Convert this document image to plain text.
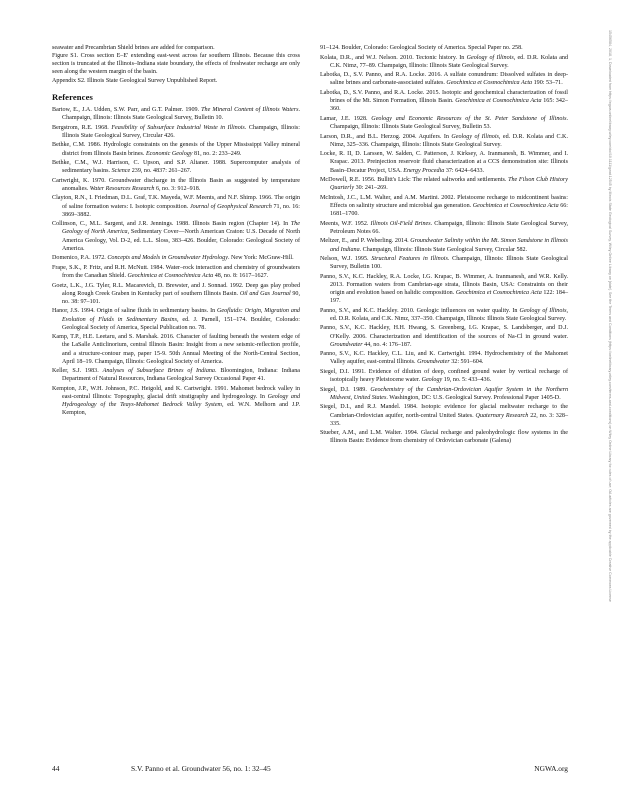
seawater and Precambrian Shield brines are added for comparison.

Figure S1. Cross section E–E′ extending east-west across far southern Illinois. Because this cross section is truncated at the Illinois–Indiana state boundary, the effects of freshwater recharge are only seen along the western margin of the basin.

Appendix S2. Illinois State Geological Survey Unpublished Report.

References

Bartow, E., J.A. Udden, S.W. Parr, and G.T. Palmer. 1909. The Mineral Content of Illinois Waters. Champaign, Illinois: Illinois State Geological Survey, Bulletin 10.

Bergstrom, R.E. 1968. Feasibility of Subsurface Industrial Waste in Illinois. Champaign, Illinois: Illinois State Geological Survey, Circular 426.

Bethke, C.M. 1986. Hydrologic constraints on the genesis of the Upper Mississippi Valley mineral district from Illinois Basin brines. Economic Geology 81, no. 2: 233–249.

Bethke, C.M., W.J. Harrison, C. Upson, and S.P. Altaner. 1988. Supercomputer analysis of sedimentary basins. Science 239, no. 4837: 261–267.

Cartwright, K. 1970. Groundwater discharge in the Illinois Basin as suggested by temperature anomalies. Water Resources Research 6, no. 3: 912–918.

Clayton, R.N., I. Friedman, D.L. Graf, T.K. Mayeda, W.F. Meents, and N.F. Shimp. 1966. The origin of saline formation waters: I. Isotopic composition. Journal of Geophysical Research 71, no. 16: 3869–3882.

Collinson, C., M.L. Sargent, and J.R. Jennings. 1988. Illinois Basin region (Chapter 14). In The Geology of North America, Sedimentary Cover—North American Craton: U.S. Decade of North America Geology, Vol. D-2, ed. L.L. Sloss, 383–426. Boulder, Colorado: Geological Society of America.

Domenico, P.A. 1972. Concepts and Models in Groundwater Hydrology. New York: McGraw-Hill.

Frape, S.K., P. Fritz, and R.H. McNutt. 1984. Water–rock interaction and chemistry of groundwaters from the Canadian Shield. Geochimica et Cosmochimica Acta 48, no. 8: 1617–1627.

Goetz, L.K., J.G. Tyler, R.L. Macarevich, D. Brewster, and J. Sonnad. 1992. Deep gas play probed along Rough Creek Graben in Kentucky part of southern Illinois Basin. Oil and Gas Journal 90, no. 38: 97–101.

Hanor, J.S. 1994. Origin of saline fluids in sedimentary basins. In Geofluids: Origin, Migration and Evolution of Fluids in Sedimentary Basins, ed. J. Parnell, 151–174. Boulder, Colorado: Geological Society of America, Special Publication no. 78.

Kamp, T.P., H.E. Leetaru, and S. Marshak. 2016. Character of faulting beneath the western edge of the LaSalle Anticlinorium, central Illinois Basin: Insight from a new seismic-reflection profile, and a structure-contour map, paper 15-9. 50th Annual Meeting of the North-Central Section, April 18–19. Champaign, Illinois: Geological Society of America.

Keller, S.J. 1983. Analyses of Subsurface Brines of Indiana. Bloomington, Indiana: Indiana Department of Natural Resources, Indiana Geological Survey Occasional Paper 41.

Kempton, J.P., W.H. Johnson, P.C. Heigold, and K. Cartwright. 1991. Mahomet bedrock valley in east-central Illinois: Topography, glacial drift stratigraphy and hydrogeology. In Geology and Hydrogeology of the Teays-Mahomet Bedrock Valley System, ed. W.N. Melhorn and J.P. Kempton,

91–124. Boulder, Colorado: Geological Society of America. Special Paper no. 258.

Kolata, D.R., and W.J. Nelson. 2010. Tectonic history. In Geology of Illinois, ed. D.R. Kolata and C.K. Nimz, 77–89. Champaign, Illinois: Illinois State Geological Survey.

Labotka, D., S.V. Panno, and R.A. Locke. 2016. A sulfate conundrum: Dissolved sulfates in deep-saline brines and carbonate-associated sulfates. Geochimica et Cosmochimica Acta 190: 53–71.

Labotka, D., S.V. Panno, and R.A. Locke. 2015. Isotopic and geochemical characterization of fossil brines of the Mt. Simon Formation, Illinois Basin. Geochimica et Cosmochimica Acta 165: 342–360.

Lamar, J.E. 1928. Geology and Economic Resources of the St. Peter Sandstone of Illinois. Champaign, Illinois: Illinois State Geological Survey, Bulletin 53.

Larson, D.R., and B.L. Herzog. 2004. Aquifers. In Geology of Illinois, ed. D.R. Kolata and C.K. Nimz, 325–336. Champaign, Illinois: Illinois State Geological Survey.

Locke, R. II, D. Larssen, W. Salden, C. Patterson, J. Kirksey, A. Iranmanesh, B. Wimmer, and I. Krapac. 2013. Preinjection reservoir fluid characterization at a CCS demonstration site: Illinois Basin–Decatur Project, USA. Energy Procedia 37: 6424–6433.

McDowell, R.E. 1956. Bullitt's Lick: The related saltworks and settlements. The Filson Club History Quarterly 30: 241–269.

McIntosh, J.C., L.M. Walter, and A.M. Martini. 2002. Pleistocene recharge to midcontinent basins: Effects on salinity structure and microbial gas generation. Geochimica et Cosmochimica Acta 66: 1681–1700.

Meents, W.F. 1952. Illinois Oil-Field Brines. Champaign, Illinois: Illinois State Geological Survey, Petroleum Notes 66.

Meltzer, E., and P. Weberling. 2014. Groundwater Salinity within the Mt. Simon Sandstone in Illinois and Indiana. Champaign, Illinois: Illinois State Geological Survey, Circular 582.

Nelson, W.J. 1995. Structural Features in Illinois. Champaign, Illinois: Illinois State Geological Survey, Bulletin 100.

Panno, S.V., K.C. Hackley, R.A. Locke, I.G. Krapac, B. Wimmer, A. Iranmanesh, and W.R. Kelly. 2013. Formation waters from Cambrian-age strata, Illinois Basin, USA: Constraints on their origin and evolution based on halidic composition. Geochimica et Cosmochimica Acta 122: 184–197.

Panno, S.V., and K.C. Hackley. 2010. Geologic influences on water quality. In Geology of Illinois, ed. D.R. Kolata, and C.K. Nimz, 337–350. Champaign, Illinois: Illinois State Geological Survey.

Panno, S.V., K.C. Hackley, H.H. Hwang, S. Greenberg, I.G. Krapac, S. Landsberger, and D.J. O'Kelly. 2006. Characterization and identification of the sources of Na-Cl in ground water. Groundwater 44, no. 4: 176–187.

Panno, S.V., K.C. Hackley, C.L. Liu, and K. Cartwright. 1994. Hydrochemistry of the Mahomet Valley aquifer, east-central Illinois. Groundwater 32: 591–604.

Siegel, D.I. 1991. Evidence of dilution of deep, confined ground water by vertical recharge of isotopically heavy Pleistocene water. Geology 19, no. 5: 433–436.

Siegel, D.I. 1989. Geochemistry of the Cambrian-Ordovician Aquifer System in the Northern Midwest, United States. Washington, DC: U.S. Geological Survey. Professional Paper 1405-D.

Siegel, D.I., and R.J. Mandel. 1984. Isotopic evidence for glacial meltwater recharge to the Cambrian-Ordovician aquifer, north-central United States. Quaternary Research 22, no. 3: 328–335.

Stueber, A.M., and L.M. Walter. 1994. Glacial recharge and paleohydrologic flow systems in the Illinois Basin: Evidence from chemistry of Ordovician carbonate (Galena)

44	S.V. Panno et al. Groundwater 56, no. 1: 32–45	NGWA.org
15456584, 2018, 1, Downloaded from https://ngwa.onlinelibrary.wiley.com/doi/10.1111/gwat.12545 by Illinois State Geological Survey, Wiley Online Library on [date]. See the Terms and Conditions (https://onlinelibrary.wiley.com/terms-and-conditions) on Wiley Online Library for rules of use; OA articles are governed by the applicable Creative Commons License
